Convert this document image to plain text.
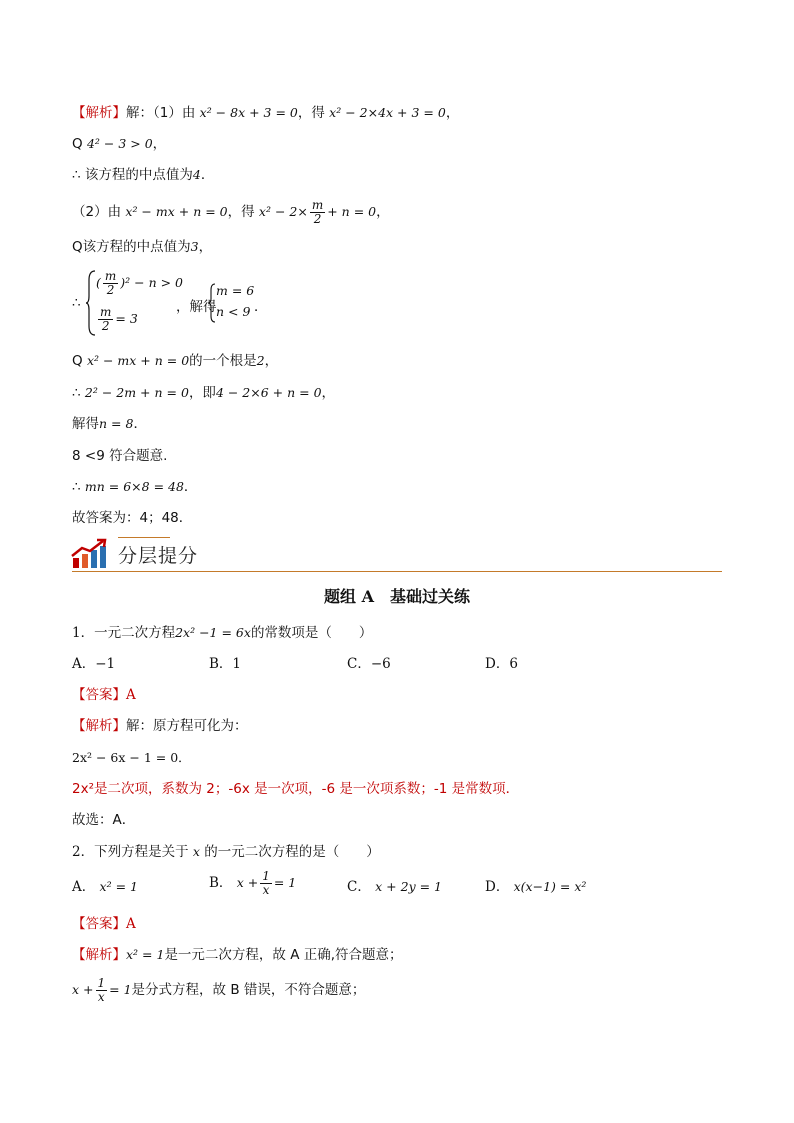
【解析】解：（1）由 x² − 8x + 3 = 0，得 x² − 2×4x + 3 = 0，
Q 4² − 3 > 0，
∴ 该方程的中点值为4．
（2）由 x² − mx + n = 0，得 $x^2 - 2\times \frac{m}{2} + n = 0$，
Q该方程的中点值为3，
∴
( $\frac{m}{2} )^2 - n > 0$
$\frac{m}{2} = 3$
，解得
m = 6
n < 9 ．
Q x² − mx + n = 0的一个根是2，
∴ 2² − 2m + n = 0，即4 − 2×6 + n = 0，
解得n = 8．
8 <9 符合题意.
∴ mn = 6×8 = 48．
故答案为：4；48．
分层提分
题组 A　基础过关练
1．一元二次方程2x² −1 = 6x的常数项是（　　）
A．−1	B．1	C．−6	D．6
【答案】A
【解析】解：原方程可化为：
2x² − 6x − 1 = 0．
2x²是二次项，系数为 2；-6x 是一次项，-6 是一次项系数；-1 是常数项．
故选：A．
2．下列方程是关于 x 的一元二次方程的是（　　）
A． x² = 1	B． $x + \frac{1}{x} = 1$	C． x + 2y = 1	D． x(x−1) = x²
【答案】A
【解析】x² = 1是一元二次方程，故 A 正确,符合题意；
$x + \frac{1}{x} = 1$是分式方程，故 B 错误，不符合题意；
